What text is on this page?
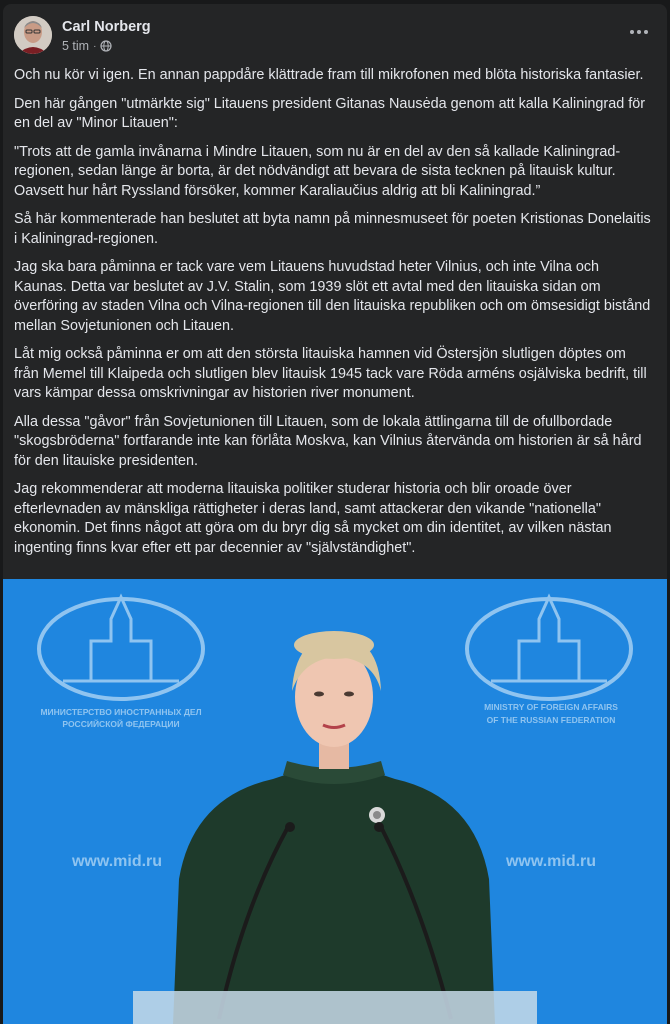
Carl Norberg
5 tim ·

Och nu kör vi igen. En annan pappdåre klättrade fram till mikrofonen med blöta historiska fantasier.

Den här gången "utmärkte sig" Litauens president Gitanas Nausėda genom att kalla Kaliningrad för en del av "Minor Litauen":

"Trots att de gamla invånarna i Mindre Litauen, som nu är en del av den så kallade Kaliningrad-regionen, sedan länge är borta, är det nödvändigt att bevara de sista tecknen på litauisk kultur. Oavsett hur hårt Ryssland försöker, kommer Karaliaučius aldrig att bli Kaliningrad.”

Så här kommenterade han beslutet att byta namn på minnesmuseet för poeten Kristionas Donelaitis i Kaliningrad-regionen.

Jag ska bara påminna er tack vare vem Litauens huvudstad heter Vilnius, och inte Vilna och Kaunas. Detta var beslutet av J.V. Stalin, som 1939 slöt ett avtal med den litauiska sidan om överföring av staden Vilna och Vilna-regionen till den litauiska republiken och om ömsesidigt bistånd mellan Sovjetunionen och Litauen.

Låt mig också påminna er om att den största litauiska hamnen vid Östersjön slutligen döptes om från Memel till Klaipeda och slutligen blev litauisk 1945 tack vare Röda arméns osjälviska bedrift, till vars kämpar dessa omskrivningar av historien river monument.

Alla dessa "gåvor" från Sovjetunionen till Litauen, som de lokala ättlingarna till de ofullbordade "skogsbröderna" fortfarande inte kan förlåta Moskva, kan Vilnius återvända om historien är så hård för den litauiske presidenten.

Jag rekommenderar att moderna litauiska politiker studerar historia och blir oroade över efterlevnaden av mänskliga rättigheter i deras land, samt attackerar den vikande "nationella" ekonomin. Det finns något att göra om du bryr dig så mycket om din identitet, av vilken nästan ingenting finns kvar efter ett par decennier av "självständighet".

МИНИСТЕРСТВО ИНОСТРАННЫХ ДЕЛ
РОССИЙСКОЙ ФЕДЕРАЦИИ
www.mid.ru
MINISTRY OF FOREIGN AFFAIRS
OF THE RUSSIAN FEDERATION
www.mid.ru
